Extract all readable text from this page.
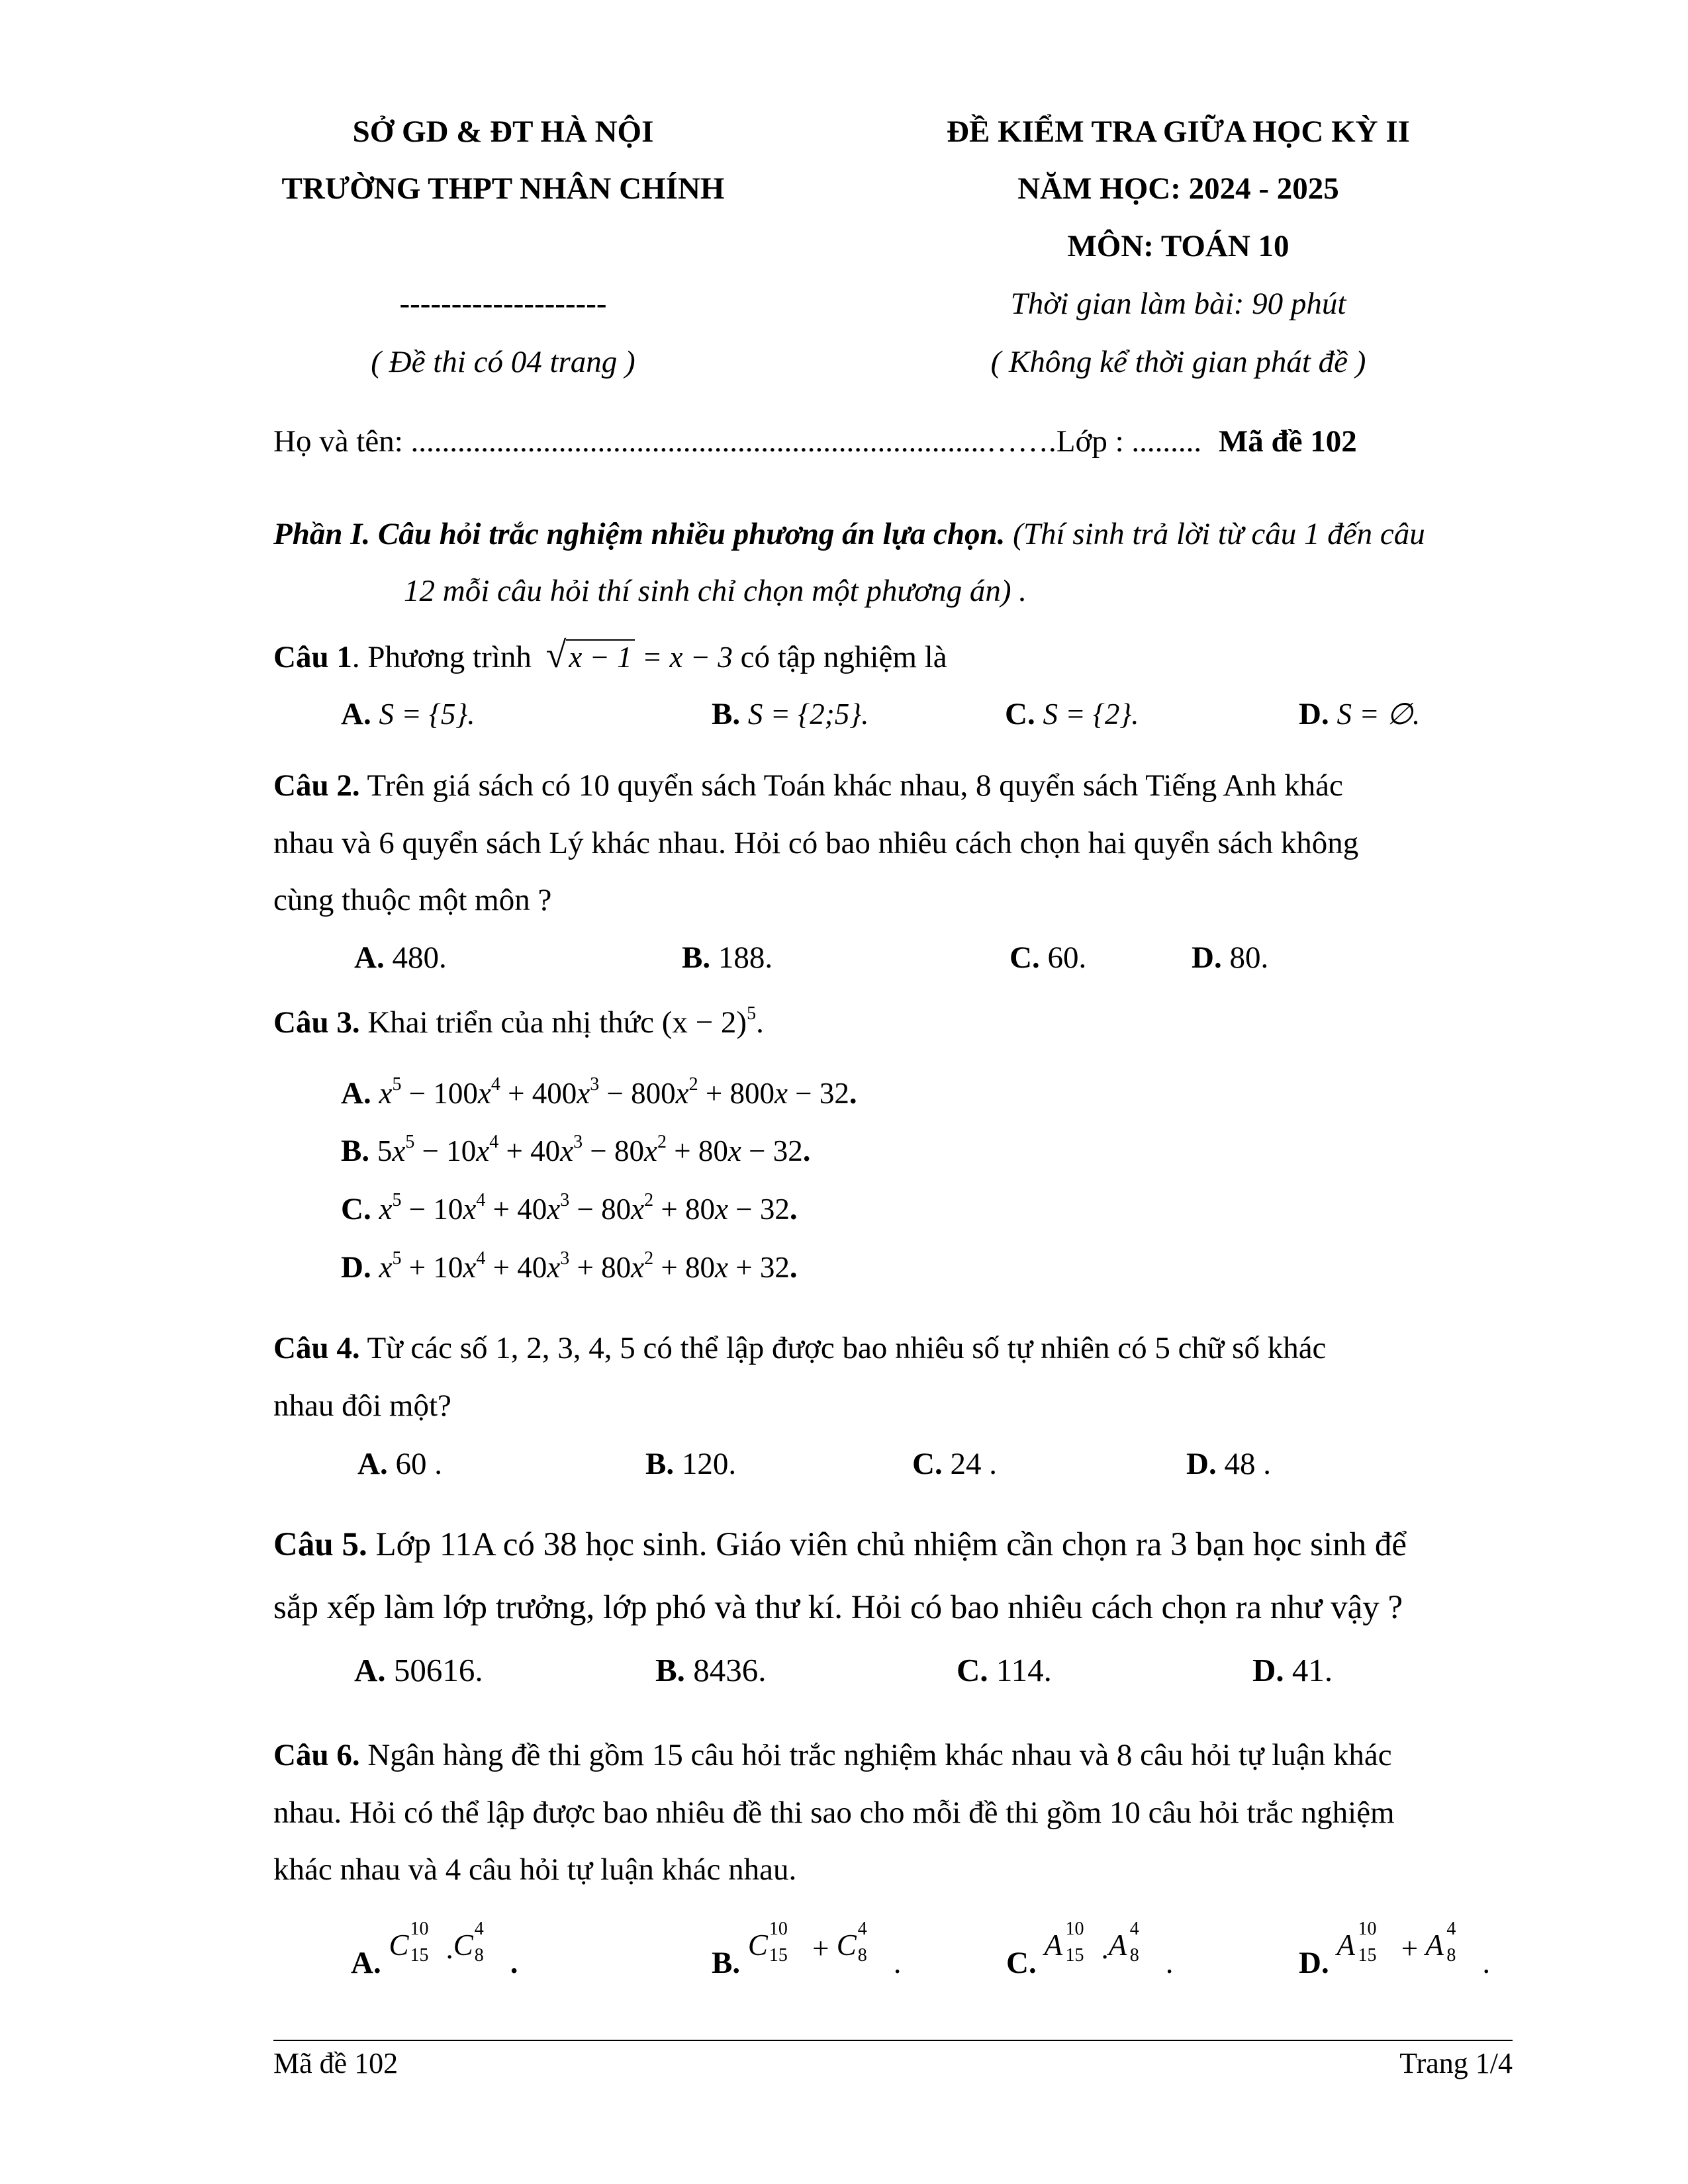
SỞ GD & ĐT HÀ NỘI
TRƯỜNG THPT NHÂN CHÍNH
--------------------
( Đề thi có 04 trang )
ĐỀ KIỂM TRA GIỮA HỌC KỲ II
NĂM HỌC: 2024 - 2025
MÔN: TOÁN 10
Thời gian làm bài: 90 phút
( Không kể thời gian phát đề )
Họ và tên: ..........................................................................…….Lớp : ......... Mã đề 102
Phần I. Câu hỏi trắc nghiệm nhiều phương án lựa chọn. (Thí sinh trả lời từ câu 1 đến câu
12 mỗi câu hỏi thí sinh chỉ chọn một phương án) .
Câu 1. Phương trình √x − 1 = x − 3 có tập nghiệm là
A. S = {5}.	B. S = {2;5}.	C. S = {2}.	D. S = ∅.
Câu 2. Trên giá sách có 10 quyển sách Toán khác nhau, 8 quyển sách Tiếng Anh khác
nhau và 6 quyển sách Lý khác nhau. Hỏi có bao nhiêu cách chọn hai quyển sách không
cùng thuộc một môn ?
A. 480.	B. 188.	C. 60.	D. 80.
Câu 3. Khai triển của nhị thức $(x - 2)^5$.
A. $x^5 - 100x^4 + 400x^3 - 800x^2 + 800x - 32$.
B. $5x^5 - 10x^4 + 40x^3 - 80x^2 + 80x - 32$.
C. $x^5 - 10x^4 + 40x^3 - 80x^2 + 80x - 32$.
D. $x^5 + 10x^4 + 40x^3 + 80x^2 + 80x + 32$.
Câu 4. Từ các số 1, 2, 3, 4, 5 có thể lập được bao nhiêu số tự nhiên có 5 chữ số khác
nhau đôi một?
A. 60 .	B. 120.	C. 24 .	D. 48 .
Câu 5. Lớp 11A có 38 học sinh. Giáo viên chủ nhiệm cần chọn ra 3 bạn học sinh để
sắp xếp làm lớp trưởng, lớp phó và thư kí. Hỏi có bao nhiêu cách chọn ra như vậy ?
A. 50616.	B. 8436.	C. 114.	D. 41.
Câu 6. Ngân hàng đề thi gồm 15 câu hỏi trắc nghiệm khác nhau và 8 câu hỏi tự luận khác
nhau. Hỏi có thể lập được bao nhiêu đề thi sao cho mỗi đề thi gồm 10 câu hỏi trắc nghiệm
khác nhau và 4 câu hỏi tự luận khác nhau.
A.
C 10
15 . C 4
8 .	B.
C 10
15 + C 4
8 .	C.
A 10
15 . A 4
8 .	D.
A 10
15 + A 4
8 .
Mã đề 102	Trang 1/4
